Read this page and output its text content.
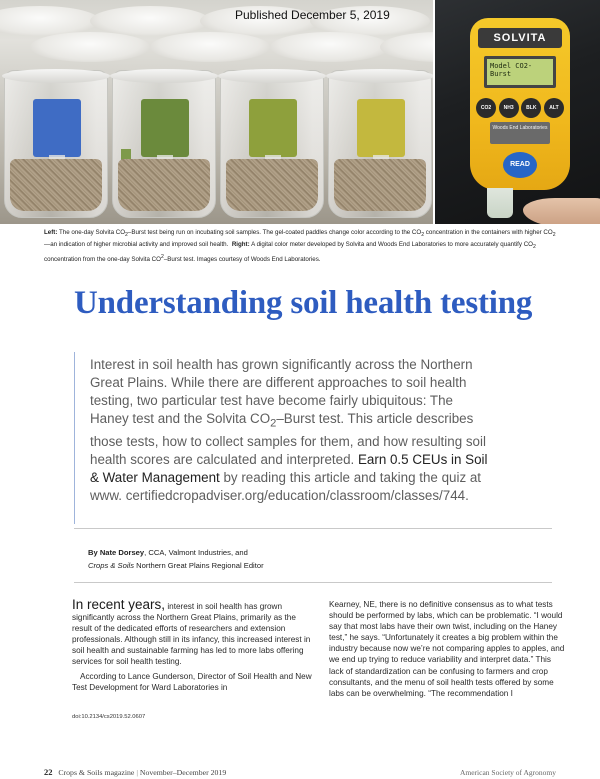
SOLVITA
Model CO2-Burst
CO2	NH3	BLK	ALT
Woods End Laboratories
READ
Published December 5, 2019
Left: The one-day Solvita $CO_2$–Burst test being run on incubating soil samples. The gel-coated paddles change color according to the $CO_2$ concentration in the containers with higher $CO_2—an$ indication of higher microbial activity and improved soil health. Right: A digital color meter developed by Solvita and Woods End Laboratories to more accurately quantify $CO_2$ concentration from the one-day Solvita $CO^2$–Burst test. Images courtesy of Woods End Laboratories.
Understanding soil health testing
Interest in soil health has grown significantly across the Northern Great Plains. While there are different approaches to soil health testing, two particular test have become fairly ubiquitous: The Haney test and the Solvita $CO_2$–Burst test. This article describes those tests, how to collect samples for them, and how resulting soil health scores are calculated and interpreted. Earn 0.5 CEUs in Soil & Water Management by reading this article and taking the quiz at www. certifiedcropadviser.org/education/classroom/classes/744.
By Nate Dorsey, CCA, Valmont Industries, and
Crops & Soils Northern Great Plains Regional Editor

In recent years, interest in soil health has grown significantly across the Northern Great Plains, primarily as the result of the dedicated efforts of researchers and extension professionals. Although still in its infancy, this increased interest in soil health and sustainable farming has led to more labs offering services for soil health testing.

According to Lance Gunderson, Director of Soil Health and New Test Development for Ward Laboratories in

Kearney, NE, there is no definitive consensus as to what tests should be performed by labs, which can be problematic. “I would say that most labs have their own twist, including on the Haney test,” he says. “Unfortunately it creates a big problem within the industry because now we’re not comparing apples to apples, and we end up trying to reduce variability and interpret data.” This lack of standardization can be confusing to farmers and crop consultants, and the menu of soil health tests offered by some labs can be overwhelming. “The recommendation I

doi:10.2134/cs2019.52.0607
22 Crops & Soils magazine | November–December 2019	American Society of Agronomy
